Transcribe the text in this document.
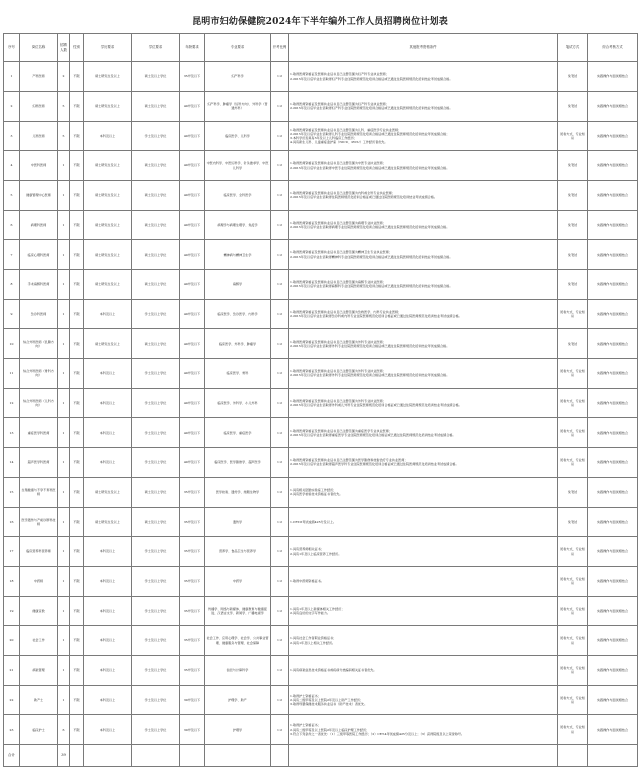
昆明市妇幼保健院2024年下半年编外工作人员招聘岗位计划表
序号	岗位名称	招聘人数	性别	学历要求	学位要求	年龄要求	专业要求	开考比例	其他报考资格条件	笔试方式	综合考核方式
1	产科医师	2	不限	硕士研究生及以上	硕士及以上学位	35岁及以下	妇产科学	1:2	1.取得医师资格证及医师执业证书且已注册范围为妇产科专业执业医师；
2.2015年及以后毕业生需取得妇产科专业住院医师规范化培训合格证或已通过住院医师规范化培训结业考试成绩合格。	免笔试	实践操作与面试相结合
2	妇科医师	5	不限	硕士研究生及以上	硕士及以上学位	40岁及以下	妇产科学、肿瘤学（妇科方向）、外科学（普通外科）	1:2	1.取得医师资格证及医师执业证书且已注册范围为妇产科专业执业医师；
2.2015年及以后毕业生需取得妇产科专业住院医师规范化培训合格证或已通过住院医师规范化培训结业考试成绩合格。	免笔试	实践操作与面试相结合
3	儿科医师	5	不限	本科及以上	学士及以上学位	40岁及以下	临床医学、儿科学	1:2	1.取得医师资格证及医师执业证书且已注册范围为儿科、重症医学专业执业医师；
2.2015年及以后毕业生需取得儿科专业住院医师规范化培训合格证或已通过住院医师规范化培训结业考试成绩合格；
3.本科学历需具有3年及以上儿科临床工作经历；
4.具有新生儿科、儿童重症监护室（NICU、PICU）工作经历者优先。	闭卷方式，专业知识	实践操作与面试相结合
4	中医科医师	1	不限	硕士研究生及以上	硕士及以上学位	40岁及以下	中医内科学、中医妇科学、针灸推拿学、中医儿科学	1:2	1.取得医师资格证及医师执业证书且已注册范围为中医专业执业医师；
2.2015年及以后毕业生需取得中医专业住院医师规范化培训合格证或已通过住院医师规范化培训结业考试成绩合格。	免笔试	实践操作与面试相结合
5	健康管理中心医师	1	不限	硕士研究生及以上	硕士及以上学位	40岁及以下	临床医学、全科医学	1:2	1.取得医师资格证及医师执业证书且已注册范围为内科或全科专业执业医师；
2.2015年及以后毕业生需取得住院医师规范化培训合格证或已通过住院医师规范化培训结业考试成绩合格。	免笔试	实践操作与面试相结合
6	病理科医师	1	不限	硕士研究生及以上	硕士及以上学位	40岁及以下	病理学与病理生理学、免疫学	1:2	1.取得医师资格证及医师执业证书且已注册范围为病理专业执业医师；
2.2015年及以后毕业生需取得病理专业住院医师规范化培训合格证或已通过住院医师规范化培训结业考试成绩合格。	免笔试	实践操作与面试相结合
7	临床心理科医师	1	不限	硕士研究生及以上	硕士及以上学位	40岁及以下	精神病与精神卫生学	1:2	1.取得医师资格证及医师执业证书且已注册范围为精神卫生专业执业医师；
2.2015年及以后毕业生需取得精神科专业住院医师规范化培训合格证或已通过住院医师规范化培训结业考试成绩合格。	免笔试	实践操作与面试相结合
8	手术麻醉科医师	1	不限	硕士研究生及以上	硕士及以上学位	40岁及以下	麻醉学	1:2	1.取得医师资格证及医师执业证书且已注册范围为麻醉专业执业医师；
2.2015年及以后毕业生需取得麻醉科专业住院医师规范化培训合格证或已通过住院医师规范化培训结业考试成绩合格。	免笔试	实践操作与面试相结合
9	急诊科医师	1	不限	本科及以上	学士及以上学位	40岁及以下	临床医学、急诊医学、内科学	1:2	1.取得医师资格证及医师执业证书且已注册范围为急救医学、内科专业执业医师；
2.2015年及以后毕业生需取得急诊科或内科专业住院医师规范化培训合格证或已通过住院医师规范化培训结业考试成绩合格。	闭卷方式，专业知识	实践操作与面试相结合
10	综合外科医师（乳腺方向）	1	不限	硕士研究生及以上	硕士及以上学位	40岁及以下	临床医学、外科学、肿瘤学	1:2	1.取得医师资格证及医师执业证书且已注册范围为外科专业执业医师；
2.2015年及以后毕业生需取得外科专业住院医师规范化培训合格证或已通过住院医师规范化培训结业考试成绩合格。	免笔试	实践操作与面试相结合
11	综合外科医师（骨科方向）	1	不限	本科及以上	学士及以上学位	40岁及以下	临床医学、骨科	1:2	1.取得医师资格证及医师执业证书且已注册范围为外科专业执业医师；
2.2015年及以后毕业生需取得外科专业住院医师规范化培训合格证或已通过住院医师规范化培训结业考试成绩合格。	闭卷方式，专业知识	实践操作与面试相结合
12	综合外科医师（儿科方向）	1	不限	本科及以上	学士及以上学位	40岁及以下	临床医学、外科学、小儿外科	1:2	1.取得医师资格证及医师执业证书且已注册范围为外科专业执业医师；
2.2015年及以后毕业生需取得外科或儿外科专业住院医师规范化培训合格证或已通过住院医师规范化培训结业考试成绩合格。	闭卷方式，专业知识	实践操作与面试相结合
13	重症医学科医师	1	不限	本科及以上	学士及以上学位	40岁及以下	临床医学、重症医学	1:2	1.取得医师资格证及医师执业证书且已注册范围为重症医学专业执业医师；
2.2015年及以后毕业生需取得重症医学专业住院医师规范化培训合格证或已通过住院医师规范化培训结业考试成绩合格。	闭卷方式，专业知识	实践操作与面试相结合
14	超声医学科医师	1	不限	本科及以上	学士及以上学位	40岁及以下	临床医学、医学影像学、超声医学	1:2	1.取得医师资格证及医师执业证书且已注册范围为医学影像和放射治疗专业执业医师；
2.2015年及以后毕业生需取得超声医学科专业住院医师规范化培训合格证或已通过住院医师规范化培训结业考试成绩合格。	闭卷方式，专业知识	实践操作与面试相结合
15	生殖健康与不孕不育科医师	1	不限	硕士研究生及以上	硕士及以上学位	35岁及以下	医学检验、遗传学、细胞生物学	1:2	1.具有相关胚胎实验室工作经历；
2.具有医学检验技术资格证书者优先。	免笔试	实践操作与面试相结合
16	医学遗传与产前诊断科技师	1	不限	硕士研究生及以上	硕士及以上学位	35岁及以下	遗传学	1:2	1.CET-6考试成绩425分及以上。	免笔试	实践操作与面试相结合
17	临床营养科营养师	1	不限	本科及以上	学士及以上学位	35岁及以下	营养学、食品卫生与营养学	1:2	1.具有营养师相关证书；
2.具有1年及以上临床营养工作经历。	闭卷方式，专业知识	实践操作与面试相结合
18	中药师	1	不限	本科及以上	学士及以上学位	35岁及以下	中药学	1:2	1.取得中药师资格证书。	闭卷方式，专业知识	实践操作与面试相结合
19	健康宣教	1	不限	本科及以上	学士及以上学位	35岁及以下	传播学、网络与新媒体、健康教育与健康促进、汉语言文学、新闻学、广播电视学	1:2	1.具有1年及以上新媒体相关工作经历；
2.具有良好的文字写作能力。	闭卷方式，专业知识	实践操作与面试相结合
20	社会工作	1	不限	本科及以上	学士及以上学位	35岁及以下	社会工作、应用心理学、社会学、公共事业管理、健康服务与管理、社会保障	1:2	1.具有社会工作者职业资格证书；
2.具有1年及以上相关工作经历。	闭卷方式，专业知识	实践操作与面试相结合
21	病案管理	1	不限	本科及以上	学士及以上学位	35岁及以下	信息与计算科学	1:2	1.具有病案信息技术资格证书或疾病分类编码相关证书者优先。	闭卷方式，专业知识	实践操作与面试相结合
22	助产士	1	不限	本科及以上	学士及以上学位	30岁及以下	护理学、助产	1:2	1.取得护士资格证书；
2.具有二级甲等及以上医院2年及以上助产工作经历；
3.取得母婴保健技术服务执业证书（助产技术）者优先。	闭卷方式，专业知识	实践操作与面试相结合
23	临床护士	6	不限	本科及以上	学士及以上学位	30岁及以下	护理学	1:2	1.取得护士资格证书；
2.具有二级甲等及以上医院2年及以上临床护理工作经历；
3.符合下列条件之一者优先：（1）三级甲等医院工作经历；（2）CET-4考试成绩425分及以上；（3）获得院级及以上荣誉称号。	闭卷方式，专业知识	实践操作与面试相结合
合计		39									
